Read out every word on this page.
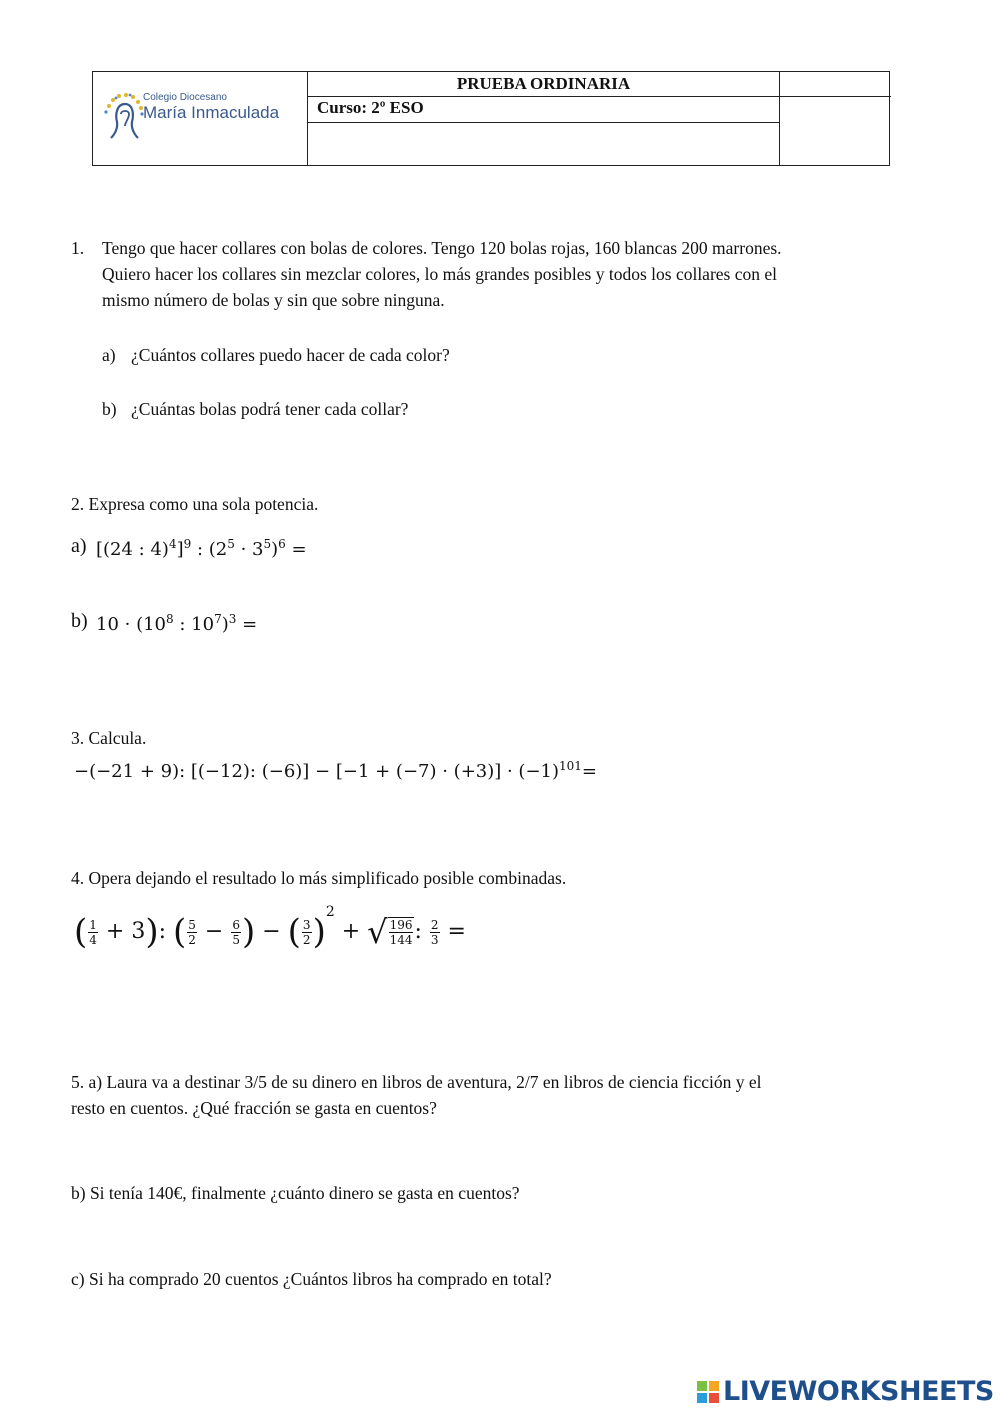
Colegio Diocesano
María Inmaculada
PRUEBA ORDINARIA
Curso: 2º ESO
1. Tengo que hacer collares con bolas de colores. Tengo 120 bolas rojas, 160 blancas 200 marrones.
Quiero hacer los collares sin mezclar colores, lo más grandes posibles y todos los collares con el
mismo número de bolas y sin que sobre ninguna.
a) ¿Cuántos collares puedo hacer de cada color?
b) ¿Cuántas bolas podrá tener cada collar?
2. Expresa como una sola potencia.
a) [(24 : 4)$^4$]$^9$ : $(2^5 \cdot 3^5)^6$ =
b) $10 \cdot (10^8$ : $10^7)^3$ =
3. Calcula.
−(−21 + 9): [(−12): $(-6)] - [-1 + (-7) \cdot (+3)] \cdot (-1)^{101}=$
4. Opera dejando el resultado lo más simplificado posible combinadas.
( $\frac{1}{4} + 3$): ( $\frac{5}{2} - \frac{6}{5}$ ) − ( $\frac{3}{2} )^2$ + √ $\frac{196}{144}$ : $\frac{2}{3}$ =
5. a) Laura va a destinar 3/5 de su dinero en libros de aventura, 2/7 en libros de ciencia ficción y el
resto en cuentos. ¿Qué fracción se gasta en cuentos?
b) Si tenía 140€, finalmente ¿cuánto dinero se gasta en cuentos?
c) Si ha comprado 20 cuentos ¿Cuántos libros ha comprado en total?
LIVEWORKSHEETS
